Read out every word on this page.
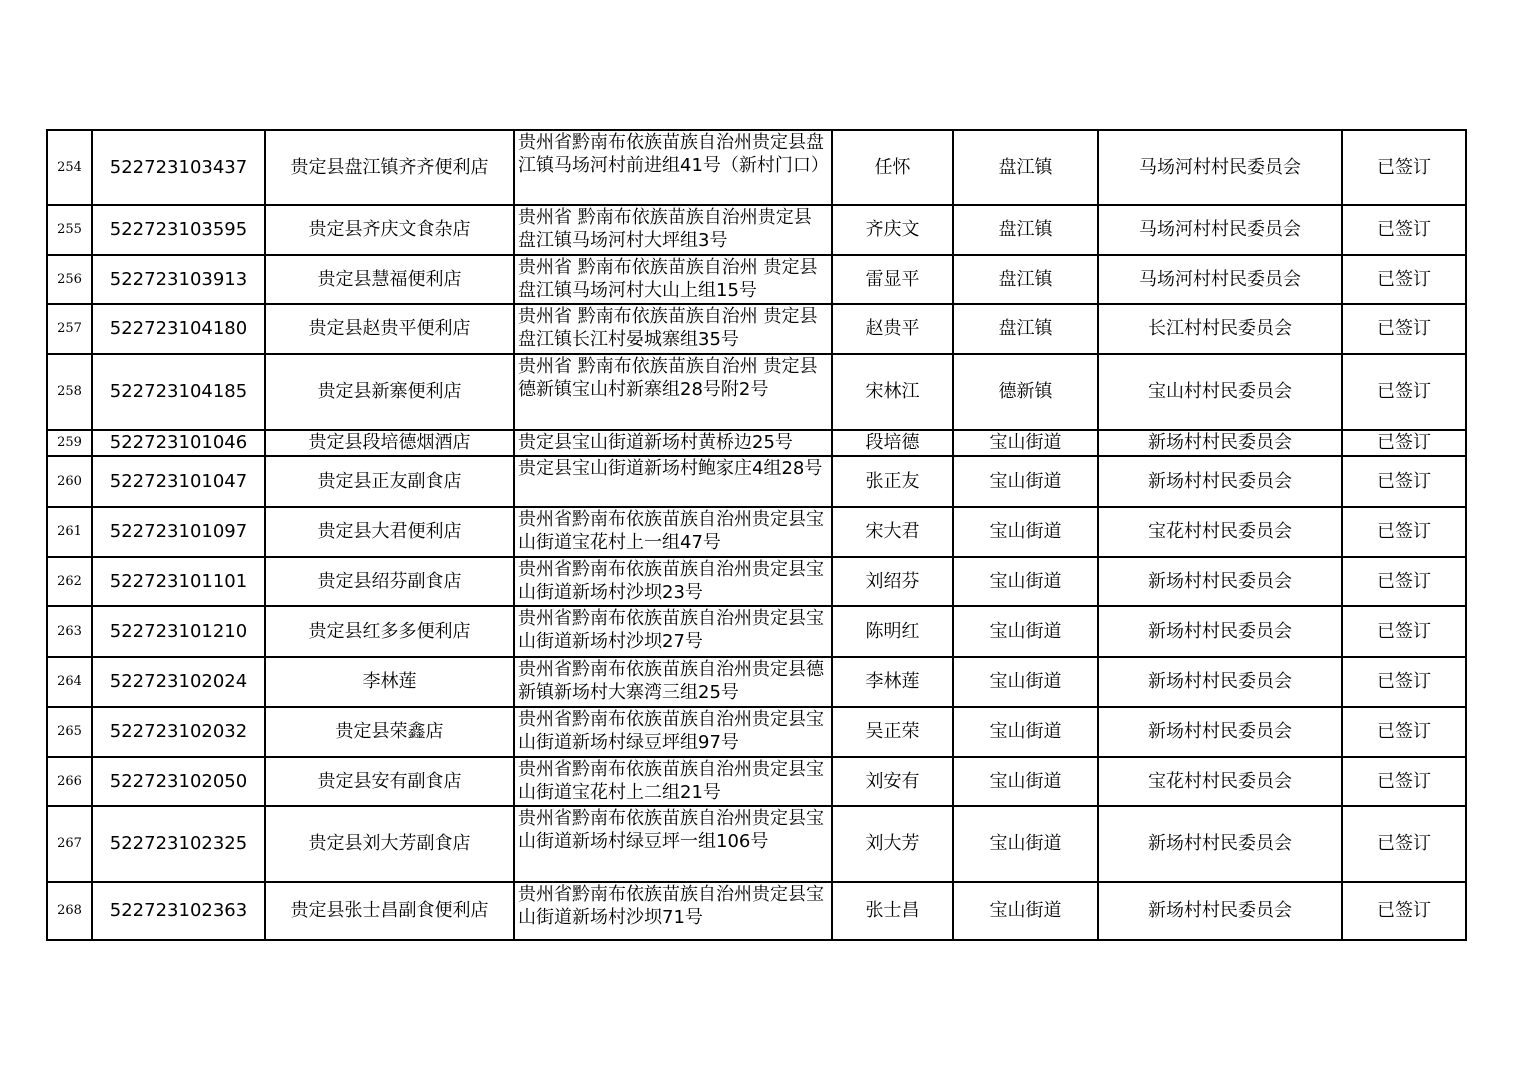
254	522723103437	贵定县盘江镇齐齐便利店	贵州省黔南布依族苗族自治州贵定县盘江镇马场河村前进组41号（新村门口）	任怀	盘江镇	马场河村村民委员会	已签订
255	522723103595	贵定县齐庆文食杂店	贵州省 黔南布依族苗族自治州贵定县盘江镇马场河村大坪组3号	齐庆文	盘江镇	马场河村村民委员会	已签订
256	522723103913	贵定县慧福便利店	贵州省 黔南布依族苗族自治州 贵定县盘江镇马场河村大山上组15号	雷显平	盘江镇	马场河村村民委员会	已签订
257	522723104180	贵定县赵贵平便利店	贵州省 黔南布依族苗族自治州 贵定县盘江镇长江村晏城寨组35号	赵贵平	盘江镇	长江村村民委员会	已签订
258	522723104185	贵定县新寨便利店	贵州省 黔南布依族苗族自治州 贵定县德新镇宝山村新寨组28号附2号	宋林江	德新镇	宝山村村民委员会	已签订
259	522723101046	贵定县段培德烟酒店	贵定县宝山街道新场村黄桥边25号	段培德	宝山街道	新场村村民委员会	已签订
260	522723101047	贵定县正友副食店	贵定县宝山街道新场村鲍家庄4组28号	张正友	宝山街道	新场村村民委员会	已签订
261	522723101097	贵定县大君便利店	贵州省黔南布依族苗族自治州贵定县宝山街道宝花村上一组47号	宋大君	宝山街道	宝花村村民委员会	已签订
262	522723101101	贵定县绍芬副食店	贵州省黔南布依族苗族自治州贵定县宝山街道新场村沙坝23号	刘绍芬	宝山街道	新场村村民委员会	已签订
263	522723101210	贵定县红多多便利店	贵州省黔南布依族苗族自治州贵定县宝山街道新场村沙坝27号	陈明红	宝山街道	新场村村民委员会	已签订
264	522723102024	李林莲	贵州省黔南布依族苗族自治州贵定县德新镇新场村大寨湾三组25号	李林莲	宝山街道	新场村村民委员会	已签订
265	522723102032	贵定县荣鑫店	贵州省黔南布依族苗族自治州贵定县宝山街道新场村绿豆坪组97号	吴正荣	宝山街道	新场村村民委员会	已签订
266	522723102050	贵定县安有副食店	贵州省黔南布依族苗族自治州贵定县宝山街道宝花村上二组21号	刘安有	宝山街道	宝花村村民委员会	已签订
267	522723102325	贵定县刘大芳副食店	贵州省黔南布依族苗族自治州贵定县宝山街道新场村绿豆坪一组106号	刘大芳	宝山街道	新场村村民委员会	已签订
268	522723102363	贵定县张士昌副食便利店	贵州省黔南布依族苗族自治州贵定县宝山街道新场村沙坝71号	张士昌	宝山街道	新场村村民委员会	已签订
